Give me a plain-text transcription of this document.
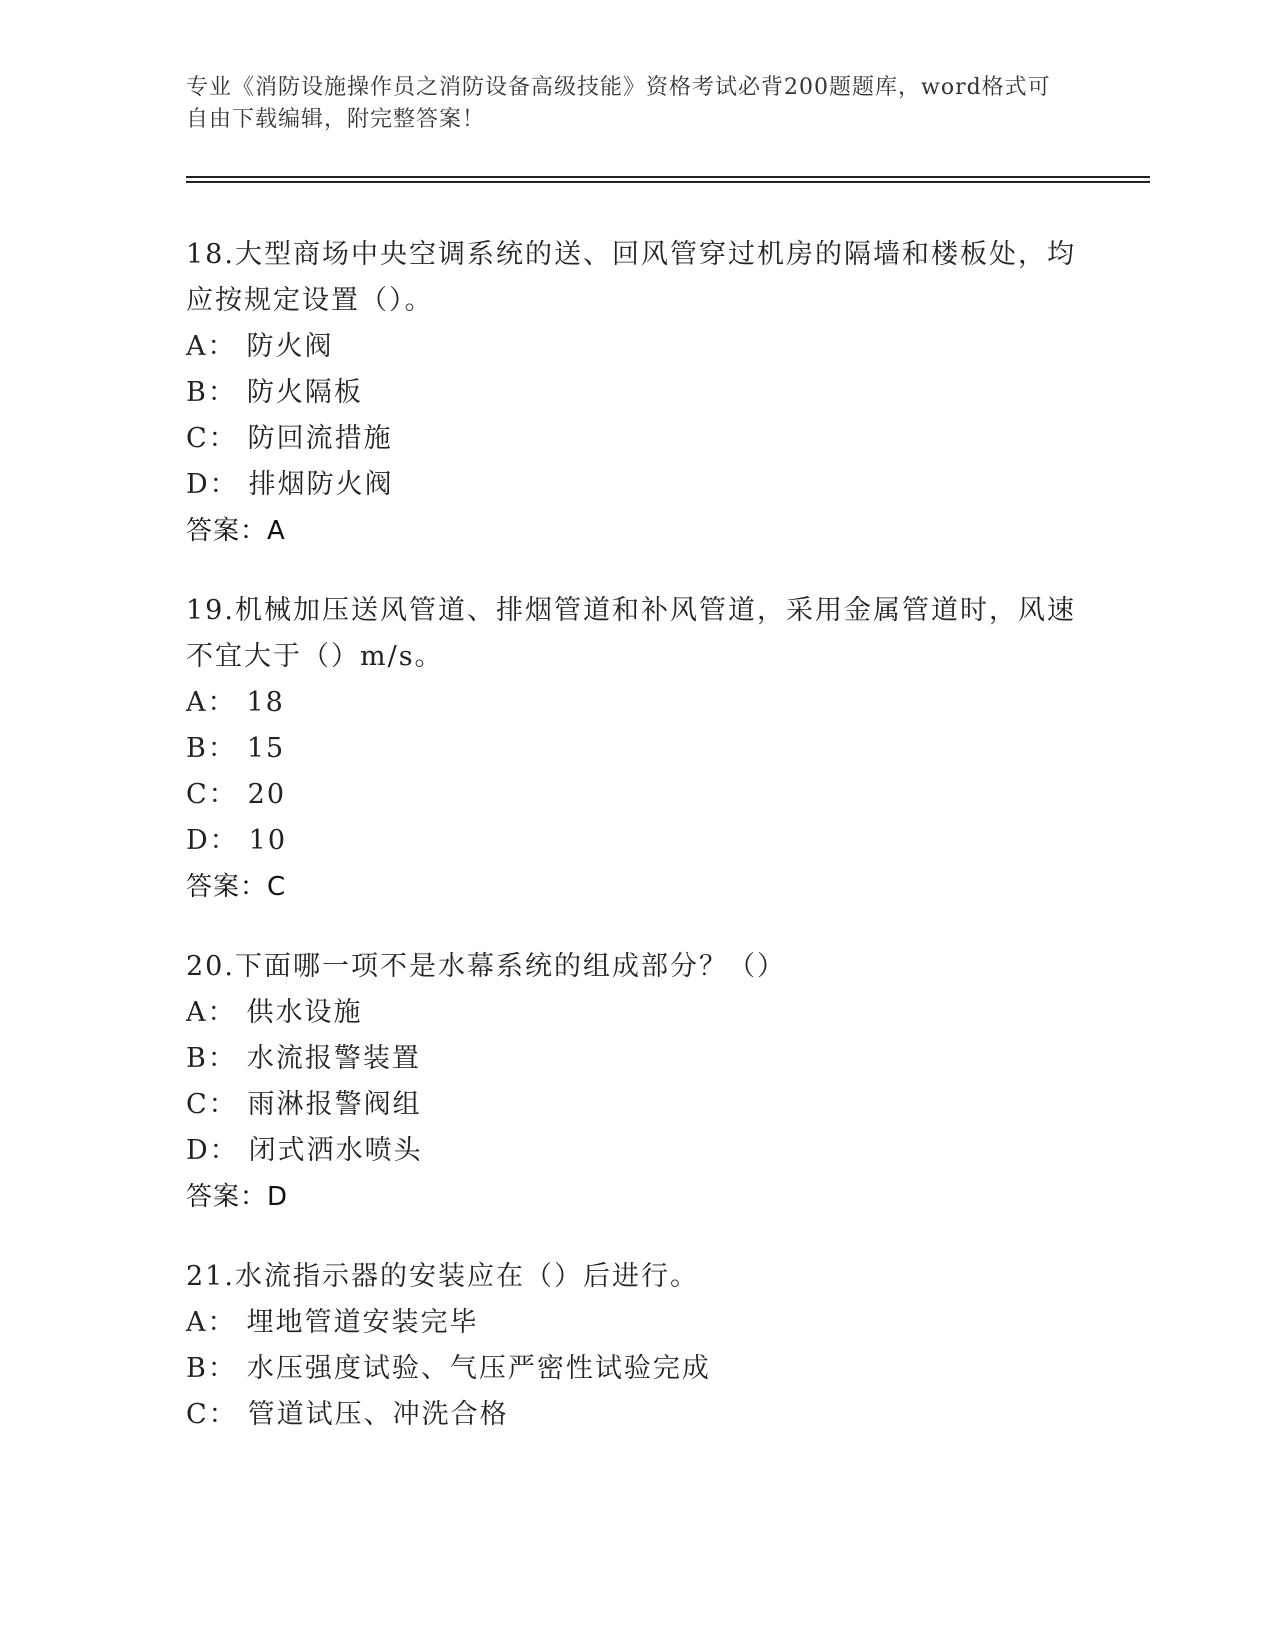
专业《消防设施操作员之消防设备高级技能》资格考试必背200题题库，word格式可自由下载编辑，附完整答案！
18.大型商场中央空调系统的送、回风管穿过机房的隔墙和楼板处，均应按规定设置（）。
A： 防火阀
B： 防火隔板
C： 防回流措施
D： 排烟防火阀
答案：A
19.机械加压送风管道、排烟管道和补风管道，采用金属管道时，风速不宜大于（）m/s。
A： 18
B： 15
C： 20
D： 10
答案：C
20.下面哪一项不是水幕系统的组成部分？（）
A： 供水设施
B： 水流报警装置
C： 雨淋报警阀组
D： 闭式洒水喷头
答案：D
21.水流指示器的安装应在（）后进行。
A： 埋地管道安装完毕
B： 水压强度试验、气压严密性试验完成
C： 管道试压、冲洗合格
